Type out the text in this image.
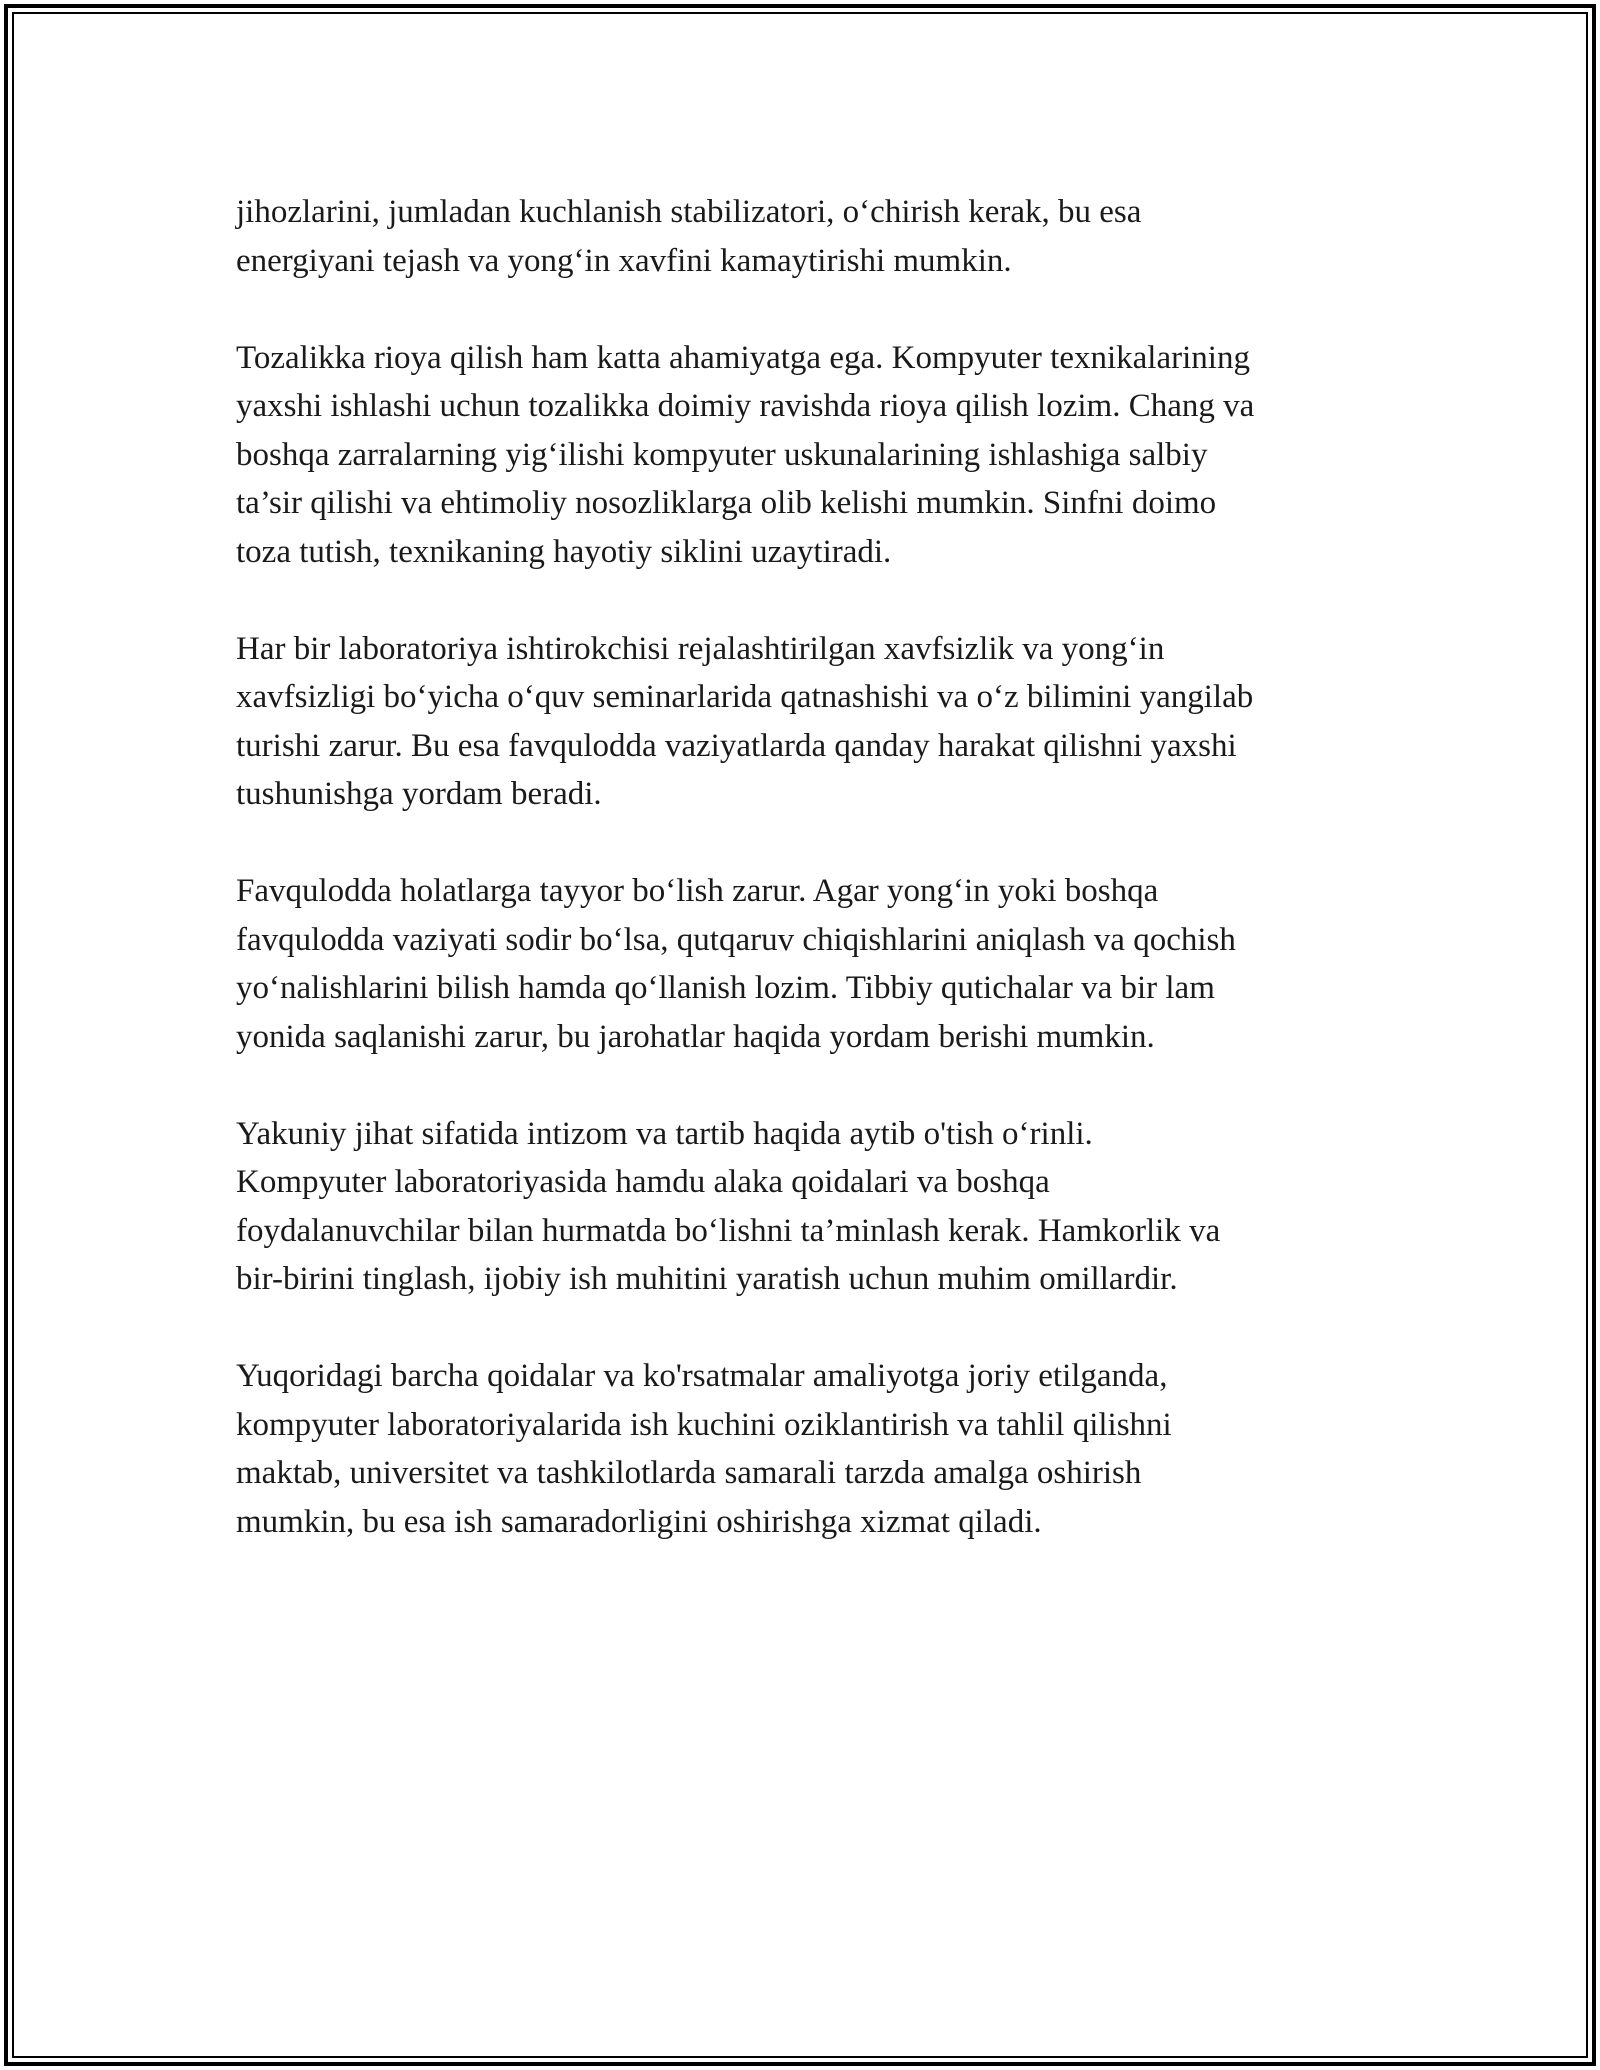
jihozlarini, jumladan kuchlanish stabilizatori, o‘chirish kerak, bu esa
energiyani tejash va yong‘in xavfini kamaytirishi mumkin.

Tozalikka rioya qilish ham katta ahamiyatga ega. Kompyuter texnikalarining
yaxshi ishlashi uchun tozalikka doimiy ravishda rioya qilish lozim. Chang va
boshqa zarralarning yig‘ilishi kompyuter uskunalarining ishlashiga salbiy
ta’sir qilishi va ehtimoliy nosozliklarga olib kelishi mumkin. Sinfni doimo
toza tutish, texnikaning hayotiy siklini uzaytiradi.

Har bir laboratoriya ishtirokchisi rejalashtirilgan xavfsizlik va yong‘in
xavfsizligi bo‘yicha o‘quv seminarlarida qatnashishi va o‘z bilimini yangilab
turishi zarur. Bu esa favqulodda vaziyatlarda qanday harakat qilishni yaxshi
tushunishga yordam beradi.

Favqulodda holatlarga tayyor bo‘lish zarur. Agar yong‘in yoki boshqa
favqulodda vaziyati sodir bo‘lsa, qutqaruv chiqishlarini aniqlash va qochish
yo‘nalishlarini bilish hamda qo‘llanish lozim. Tibbiy qutichalar va bir lam
yonida saqlanishi zarur, bu jarohatlar haqida yordam berishi mumkin.

Yakuniy jihat sifatida intizom va tartib haqida aytib o'tish o‘rinli.
Kompyuter laboratoriyasida hamdu alaka qoidalari va boshqa
foydalanuvchilar bilan hurmatda bo‘lishni ta’minlash kerak. Hamkorlik va
bir-birini tinglash, ijobiy ish muhitini yaratish uchun muhim omillardir.

Yuqoridagi barcha qoidalar va ko'rsatmalar amaliyotga joriy etilganda,
kompyuter laboratoriyalarida ish kuchini oziklantirish va tahlil qilishni
maktab, universitet va tashkilotlarda samarali tarzda amalga oshirish
mumkin, bu esa ish samaradorligini oshirishga xizmat qiladi.
